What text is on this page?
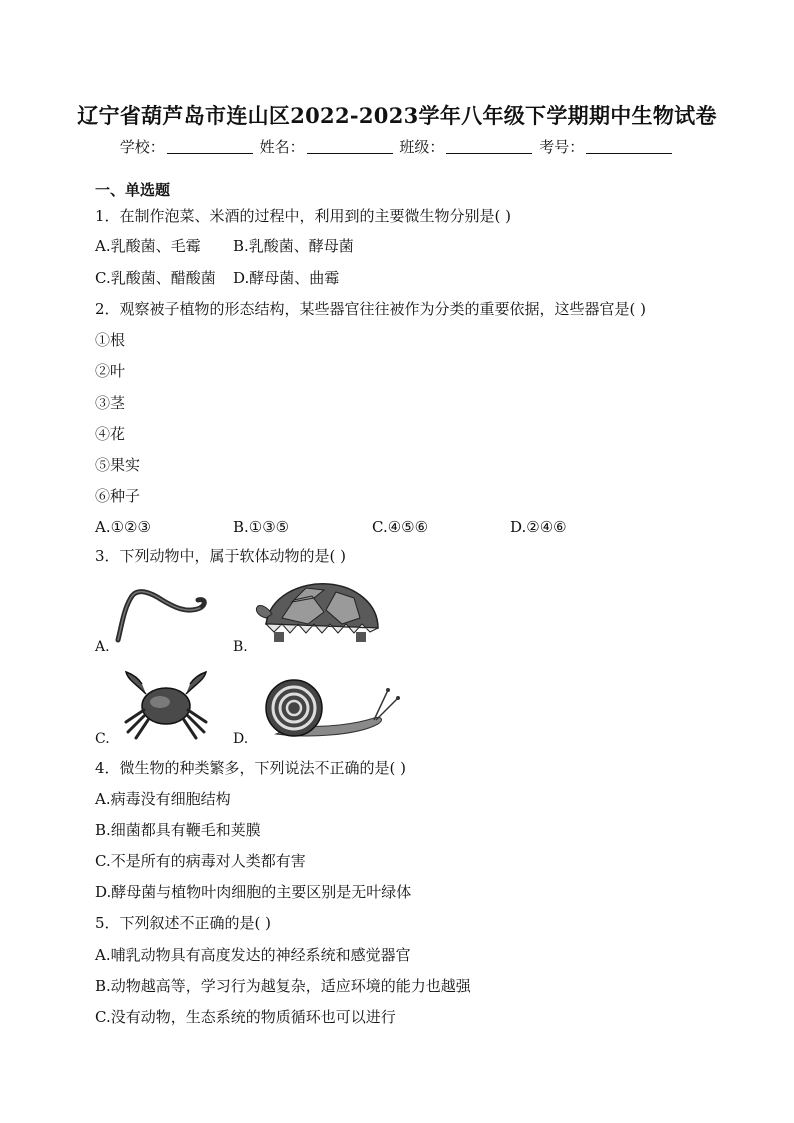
辽宁省葫芦岛市连山区2022-2023学年八年级下学期期中生物试卷
学校：	姓名：	班级：	考号：
一、单选题
1．在制作泡菜、米酒的过程中，利用到的主要微生物分别是( )
A.乳酸菌、毛霉 B.乳酸菌、酵母菌
C.乳酸菌、醋酸菌 D.酵母菌、曲霉
2．观察被子植物的形态结构，某些器官往往被作为分类的重要依据，这些器官是( )
①根
②叶
③茎
④花
⑤果实
⑥种子
A.①②③	B.①③⑤	C.④⑤⑥	D.②④⑥
3．下列动物中，属于软体动物的是( )
A.	B.
C.	D.
4．微生物的种类繁多，下列说法不正确的是( )
A.病毒没有细胞结构
B.细菌都具有鞭毛和荚膜
C.不是所有的病毒对人类都有害
D.酵母菌与植物叶肉细胞的主要区别是无叶绿体
5．下列叙述不正确的是( )
A.哺乳动物具有高度发达的神经系统和感觉器官
B.动物越高等，学习行为越复杂，适应环境的能力也越强
C.没有动物，生态系统的物质循环也可以进行
